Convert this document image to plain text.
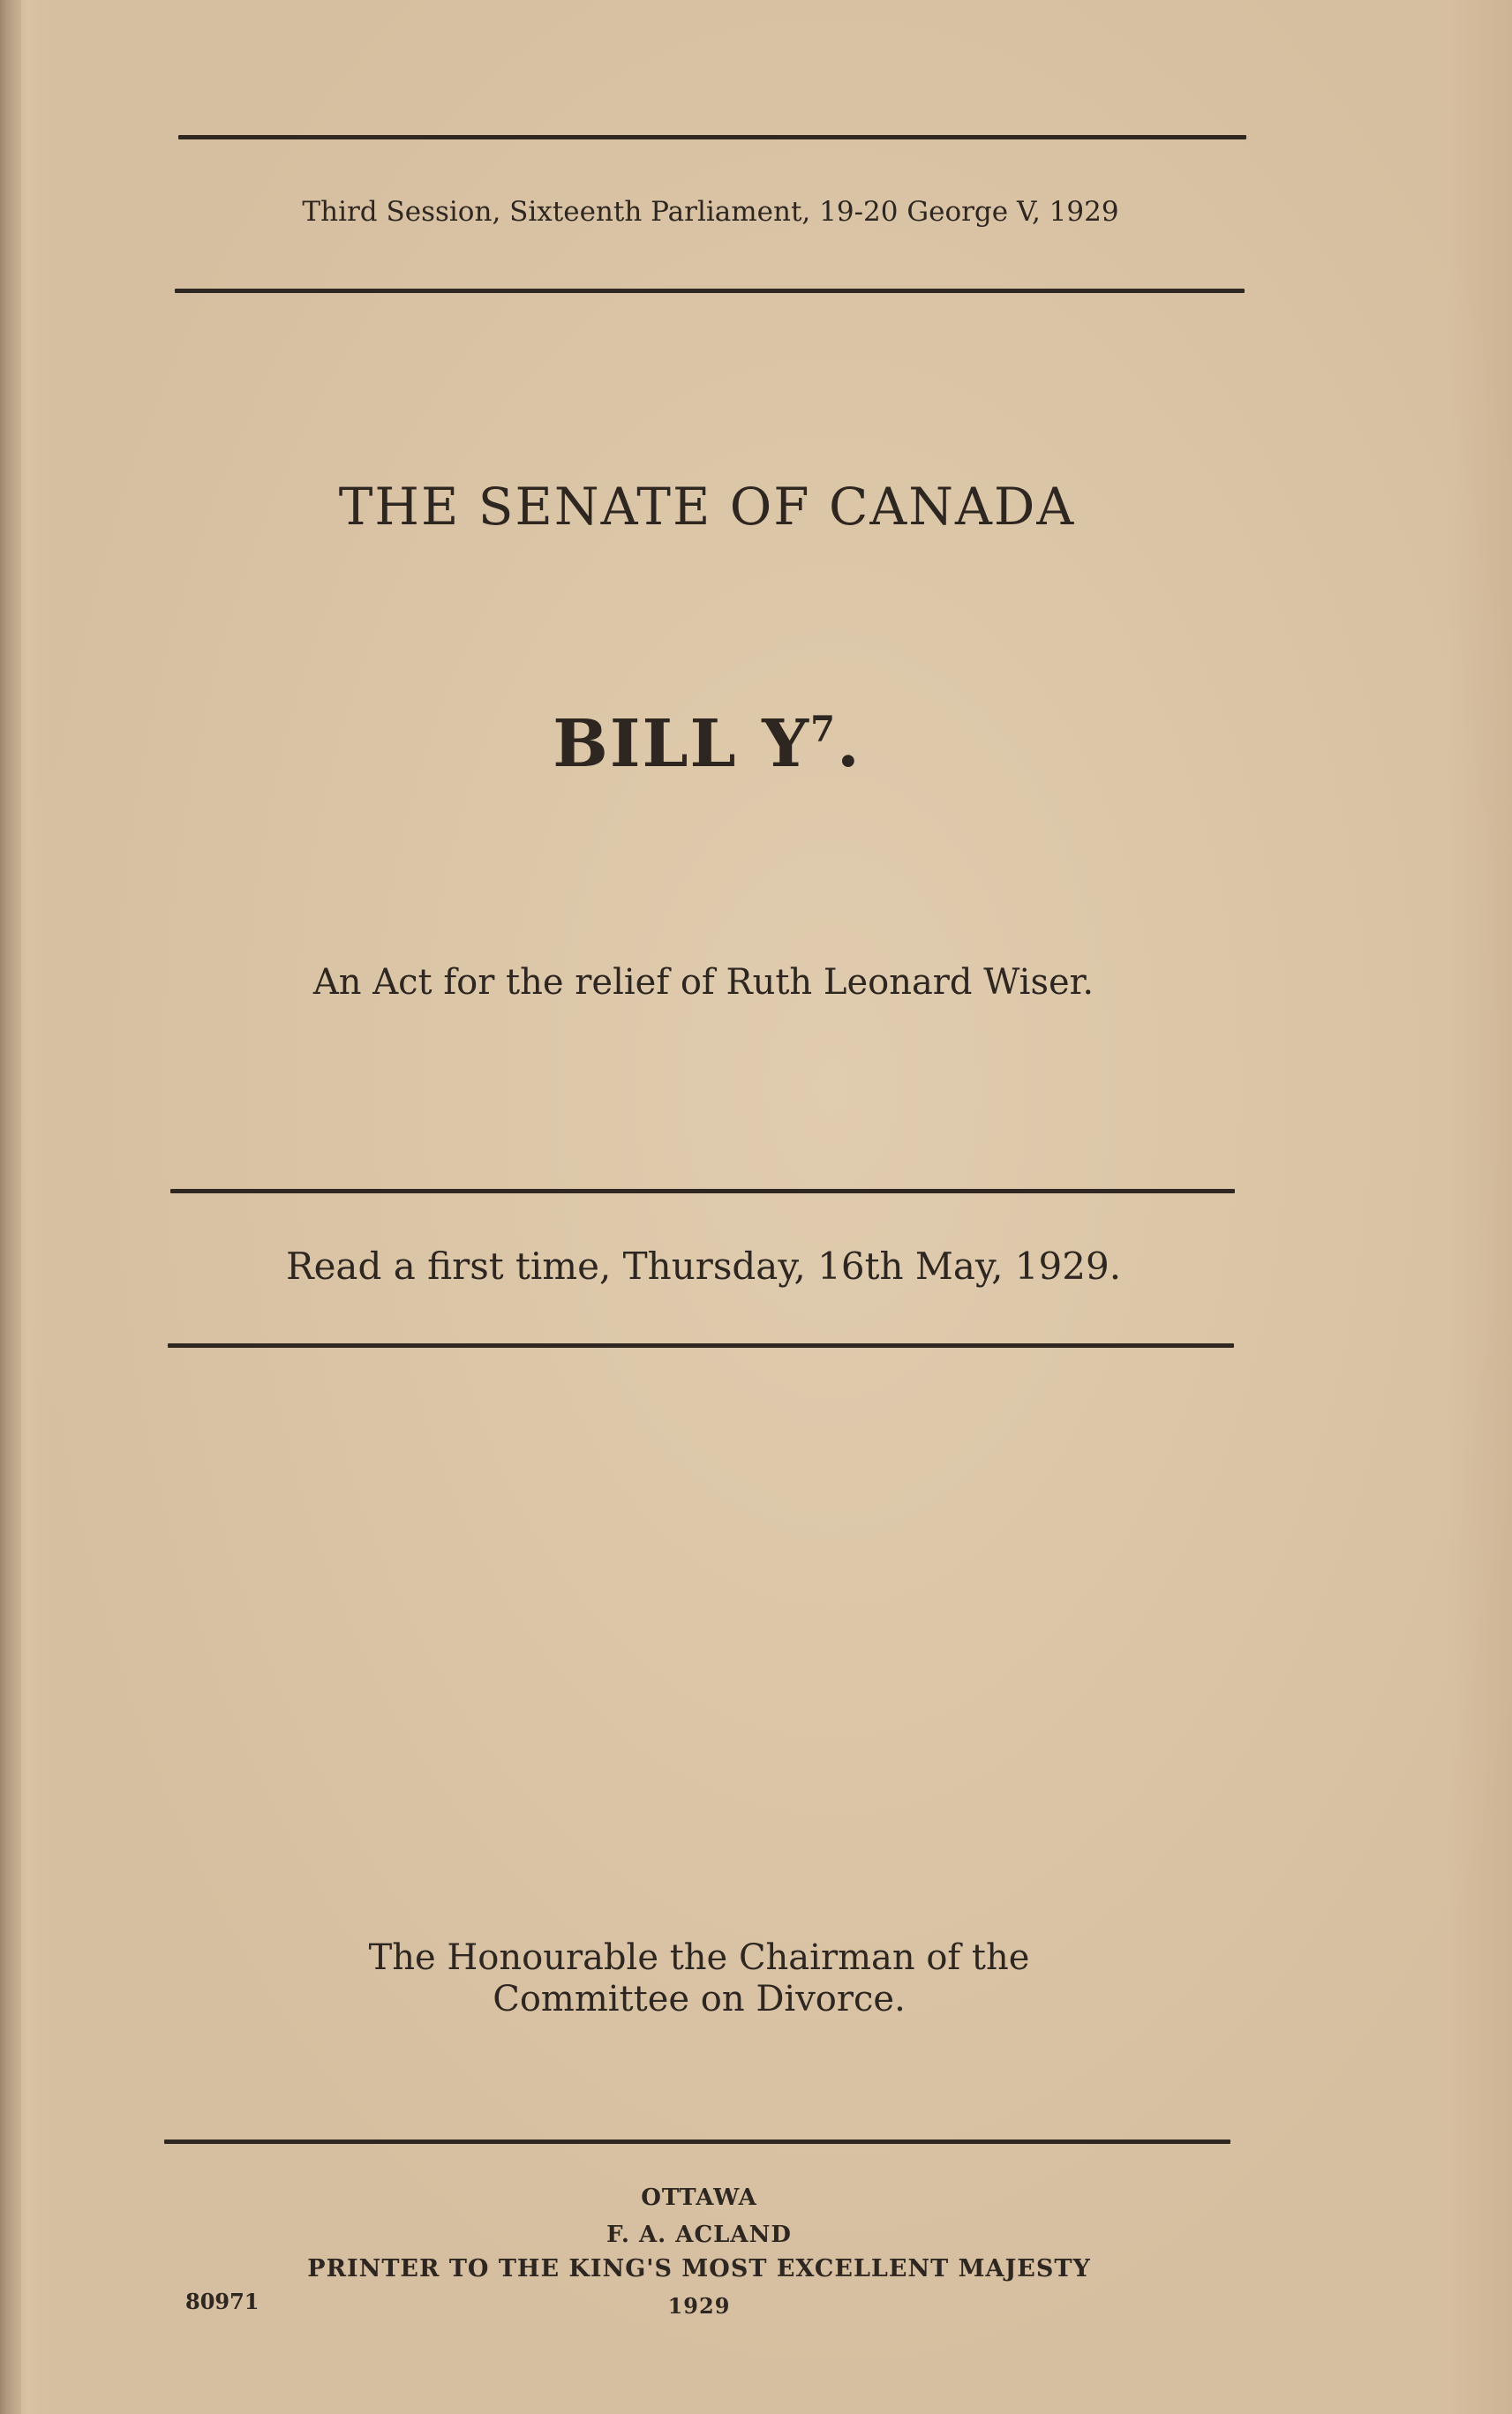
Third Session, Sixteenth Parliament, 19-20 George V, 1929
THE SENATE OF CANADA
BILL $Y^7$.
An Act for the relief of Ruth Leonard Wiser.
Read a first time, Thursday, 16th May, 1929.
The Honourable the Chairman of the
Committee on Divorce.
OTTAWA
F. A. ACLAND
PRINTER TO THE KING'S MOST EXCELLENT MAJESTY
1929
80971
